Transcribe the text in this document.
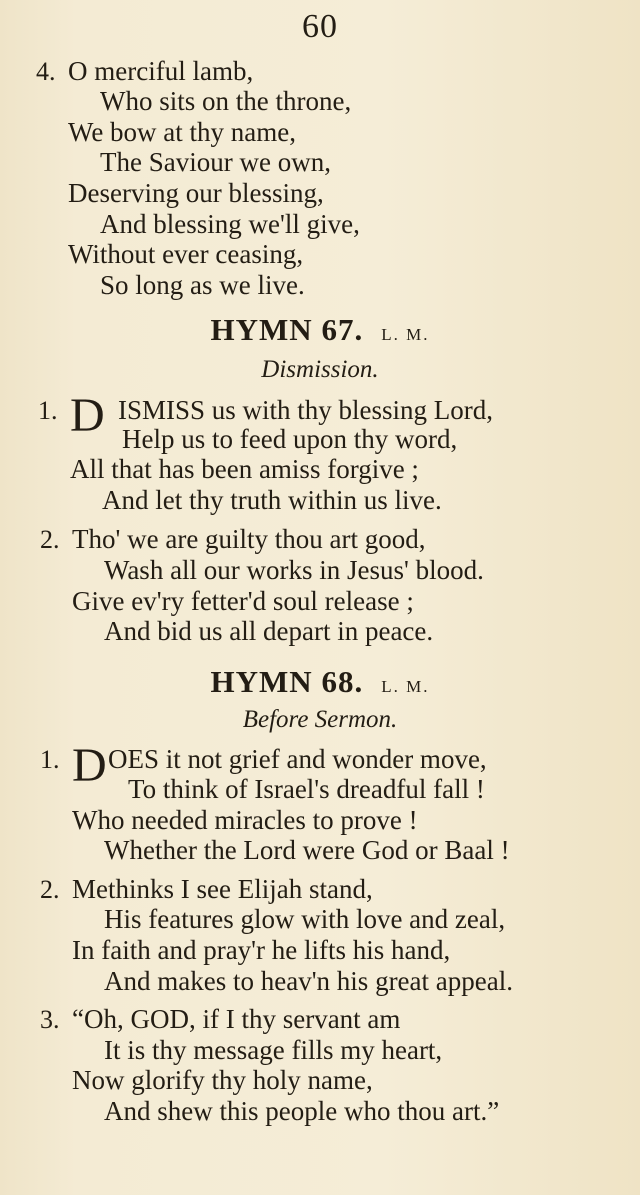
60
4. O merciful lamb,
Who sits on the throne,
We bow at thy name,
The Saviour we own,
Deserving our blessing,
And blessing we'll give,
Without ever ceasing,
So long as we live.
HYMN 67. L. M.
Dismission.
1. D ISMISS us with thy blessing Lord,
Help us to feed upon thy word,
All that has been amiss forgive ;
And let thy truth within us live.
2. Tho' we are guilty thou art good,
Wash all our works in Jesus' blood.
Give ev'ry fetter'd soul release ;
And bid us all depart in peace.
HYMN 68. L. M.
Before Sermon.
1. D OES it not grief and wonder move,
To think of Israel's dreadful fall !
Who needed miracles to prove !
Whether the Lord were God or Baal !
2. Methinks I see Elijah stand,
His features glow with love and zeal,
In faith and pray'r he lifts his hand,
And makes to heav'n his great appeal.
3. “Oh, GOD, if I thy servant am
It is thy message fills my heart,
Now glorify thy holy name,
And shew this people who thou art.”
